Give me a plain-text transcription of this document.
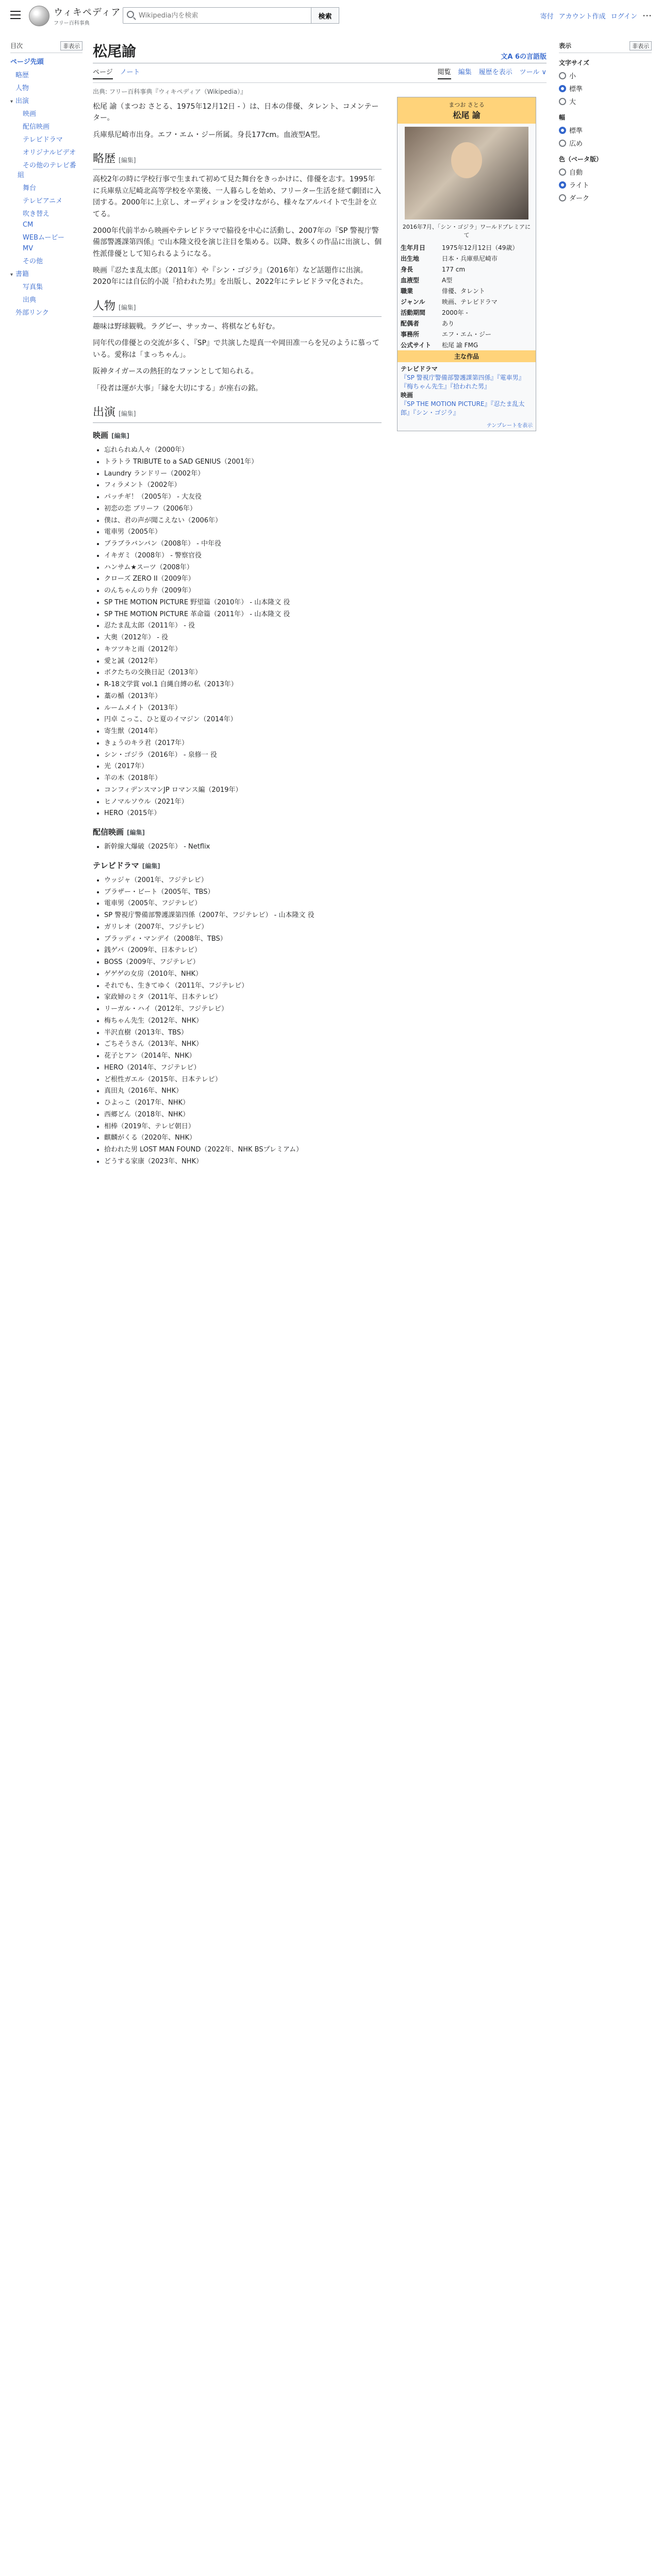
ウィキペディア
フリー百科事典
Wikipedia内を検索
検索	寄付 アカウント作成 ログイン ⋯
目次	非表示
ページ先頭
略歴
人物
▾ 出演
映画
配信映画
テレビドラマ
オリジナルビデオ
その他のテレビ番組
舞台
テレビアニメ
吹き替え
CM
WEBムービー
MV
その他
▾ 書籍
写真集
出典
外部リンク
松尾諭	文A 6の言語版
ページ ノート	閲覧 編集 履歴を表示 ツール ∨
出典: フリー百科事典『ウィキペディア（Wikipedia）』

松尾 諭（まつお さとる、1975年12月12日 - ）は、日本の俳優、タレント、コメンテーター。

兵庫県尼崎市出身。エフ・エム・ジー所属。身長177cm。血液型A型。

略歴 [編集]

高校2年の時に学校行事で生まれて初めて見た舞台をきっかけに、俳優を志す。1995年に兵庫県立尼崎北高等学校を卒業後、一人暮らしを始め、フリーター生活を経て劇団に入団する。2000年に上京し、オーディションを受けながら、様々なアルバイトで生計を立てる。

2000年代前半から映画やテレビドラマで脇役を中心に活動し、2007年の『SP 警視庁警備部警護課第四係』で山本隆文役を演じ注目を集める。以降、数多くの作品に出演し、個性派俳優として知られるようになる。

映画『忍たま乱太郎』（2011年）や『シン・ゴジラ』（2016年）など話題作に出演。2020年には自伝的小説『拾われた男』を出版し、2022年にテレビドラマ化された。

人物 [編集]

趣味は野球観戦。ラグビー、サッカー、将棋なども好む。

同年代の俳優との交流が多く、『SP』で共演した堤真一や岡田准一らを兄のように慕っている。愛称は「まっちゃん」。

阪神タイガースの熱狂的なファンとして知られる。

「役者は運が大事」「縁を大切にする」が座右の銘。

出演 [編集]
映画 [編集]
• 忘れられぬ人々（2000年）
• トラトラ TRIBUTE to a SAD GENIUS（2001年）
• Laundry ランドリー（2002年）
• フィラメント（2002年）
• パッチギ！（2005年） - 大友役
• 初恋の恋 ブリーフ（2006年）
• 僕は、君の声が聞こえない（2006年）
• 電車男（2005年）
• ブラブラバンバン（2008年） - 中年役
• イキガミ（2008年） - 警察官役
• ハンサム★スーツ（2008年）
• クローズ ZERO II（2009年）
• のんちゃんのり弁（2009年）
• SP THE MOTION PICTURE 野望篇（2010年） - 山本隆文 役
• SP THE MOTION PICTURE 革命篇（2011年） - 山本隆文 役
• 忍たま乱太郎（2011年） - 役
• 大奥（2012年） - 役
• キツツキと雨（2012年）
• 愛と誠（2012年）
• ボクたちの交換日記（2013年）
• R-18文学賞 vol.1 自縄自縛の私（2013年）
• 藁の楯（2013年）
• ルームメイト（2013年）
• 円卓 こっこ、ひと夏のイマジン（2014年）
• 寄生獣（2014年）
• きょうのキラ君（2017年）
• シン・ゴジラ（2016年） - 泉修一 役
• 光（2017年）
• 羊の木（2018年）
• コンフィデンスマンJP ロマンス編（2019年）
• ヒノマルソウル（2021年）
• HERO（2015年）
配信映画 [編集]
• 新幹線大爆破（2025年） - Netflix
テレビドラマ [編集]
• ウッジャ（2001年、フジテレビ）
• ブラザー・ビート（2005年、TBS）
• 電車男（2005年、フジテレビ）
• SP 警視庁警備部警護課第四係（2007年、フジテレビ） - 山本隆文 役
• ガリレオ（2007年、フジテレビ）
• ブラッディ・マンデイ（2008年、TBS）
• 銭ゲバ（2009年、日本テレビ）
• BOSS（2009年、フジテレビ）
• ゲゲゲの女房（2010年、NHK）
• それでも、生きてゆく（2011年、フジテレビ）
• 家政婦のミタ（2011年、日本テレビ）
• リーガル・ハイ（2012年、フジテレビ）
• 梅ちゃん先生（2012年、NHK）
• 半沢直樹（2013年、TBS）
• ごちそうさん（2013年、NHK）
• 花子とアン（2014年、NHK）
• HERO（2014年、フジテレビ）
• ど根性ガエル（2015年、日本テレビ）
• 真田丸（2016年、NHK）
• ひよっこ（2017年、NHK）
• 西郷どん（2018年、NHK）
• 相棒（2019年、テレビ朝日）
• 麒麟がくる（2020年、NHK）
• 拾われた男 LOST MAN FOUND（2022年、NHK BSプレミアム）
• どうする家康（2023年、NHK）
まつお さとる
松尾 諭
2016年7月、「シン・ゴジラ」ワールドプレミアにて
生年月日	1975年12月12日（49歳）
出生地	日本・兵庫県尼崎市
身長	177 cm
血液型	A型
職業	俳優、タレント
ジャンル	映画、テレビドラマ
活動期間	2000年 -
配偶者	あり
事務所	エフ・エム・ジー
公式サイト	松尾 諭 FMG
主な作品
テレビドラマ
『SP 警視庁警備部警護課第四係』『電車男』『梅ちゃん先生』『拾われた男』
映画
『SP THE MOTION PICTURE』『忍たま乱太郎』『シン・ゴジラ』
テンプレートを表示
表示	非表示
文字サイズ
小
標準
大
幅
標準
広め
色（ベータ版）
自動
ライト
ダーク
